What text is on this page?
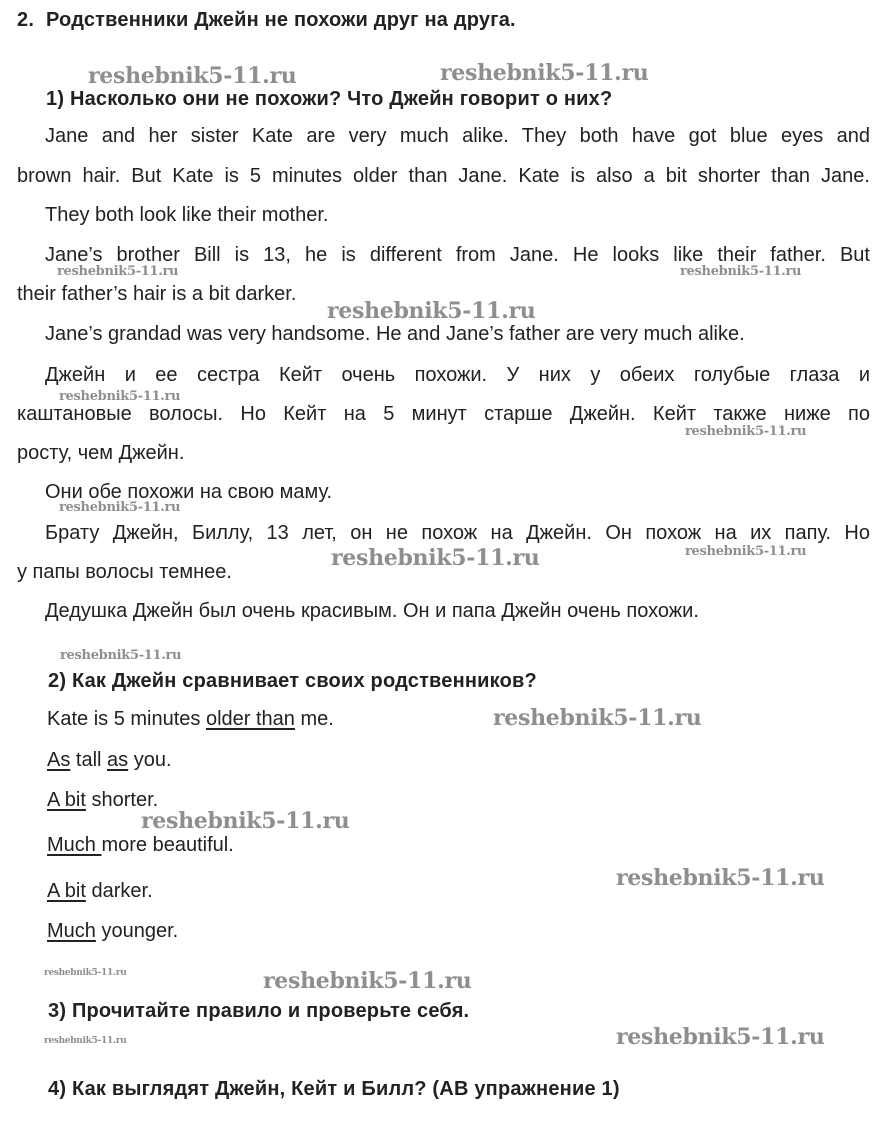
2. Родственники Джейн не похожи друг на друга.
1) Насколько они не похожи? Что Джейн говорит о них?
Jane and her sister Kate are very much alike. They both have got blue eyes and
brown hair. But Kate is 5 minutes older than Jane. Kate is also a bit shorter than Jane.
They both look like their mother.
Jane’s brother Bill is 13, he is different from Jane. He looks like their father. But
their father’s hair is a bit darker.
Jane’s grandad was very handsome. He and Jane’s father are very much alike.
Джейн и ее сестра Кейт очень похожи. У них у обеих голубые глаза и
каштановые волосы. Но Кейт на 5 минут старше Джейн. Кейт также ниже по
росту, чем Джейн.
Они обе похожи на свою маму.
Брату Джейн, Биллу, 13 лет, он не похож на Джейн. Он похож на их папу. Но
у папы волосы темнее.
Дедушка Джейн был очень красивым. Он и папа Джейн очень похожи.
2) Как Джейн сравнивает своих родственников?
Kate is 5 minutes older than me.
As tall as you.
A bit shorter.
Much more beautiful.
A bit darker.
Much younger.
3) Прочитайте правило и проверьте себя.
4) Как выглядят Джейн, Кейт и Билл? (AB упражнение 1)
reshebnik5-11.ru	reshebnik5-11.ru
reshebnik5-11.ru	reshebnik5-11.ru
reshebnik5-11.ru
reshebnik5-11.ru
reshebnik5-11.ru
reshebnik5-11.ru
reshebnik5-11.ru	reshebnik5-11.ru
reshebnik5-11.ru
reshebnik5-11.ru
reshebnik5-11.ru
reshebnik5-11.ru
reshebnik5-11.ru	reshebnik5-11.ru
reshebnik5-11.ru	reshebnik5-11.ru
